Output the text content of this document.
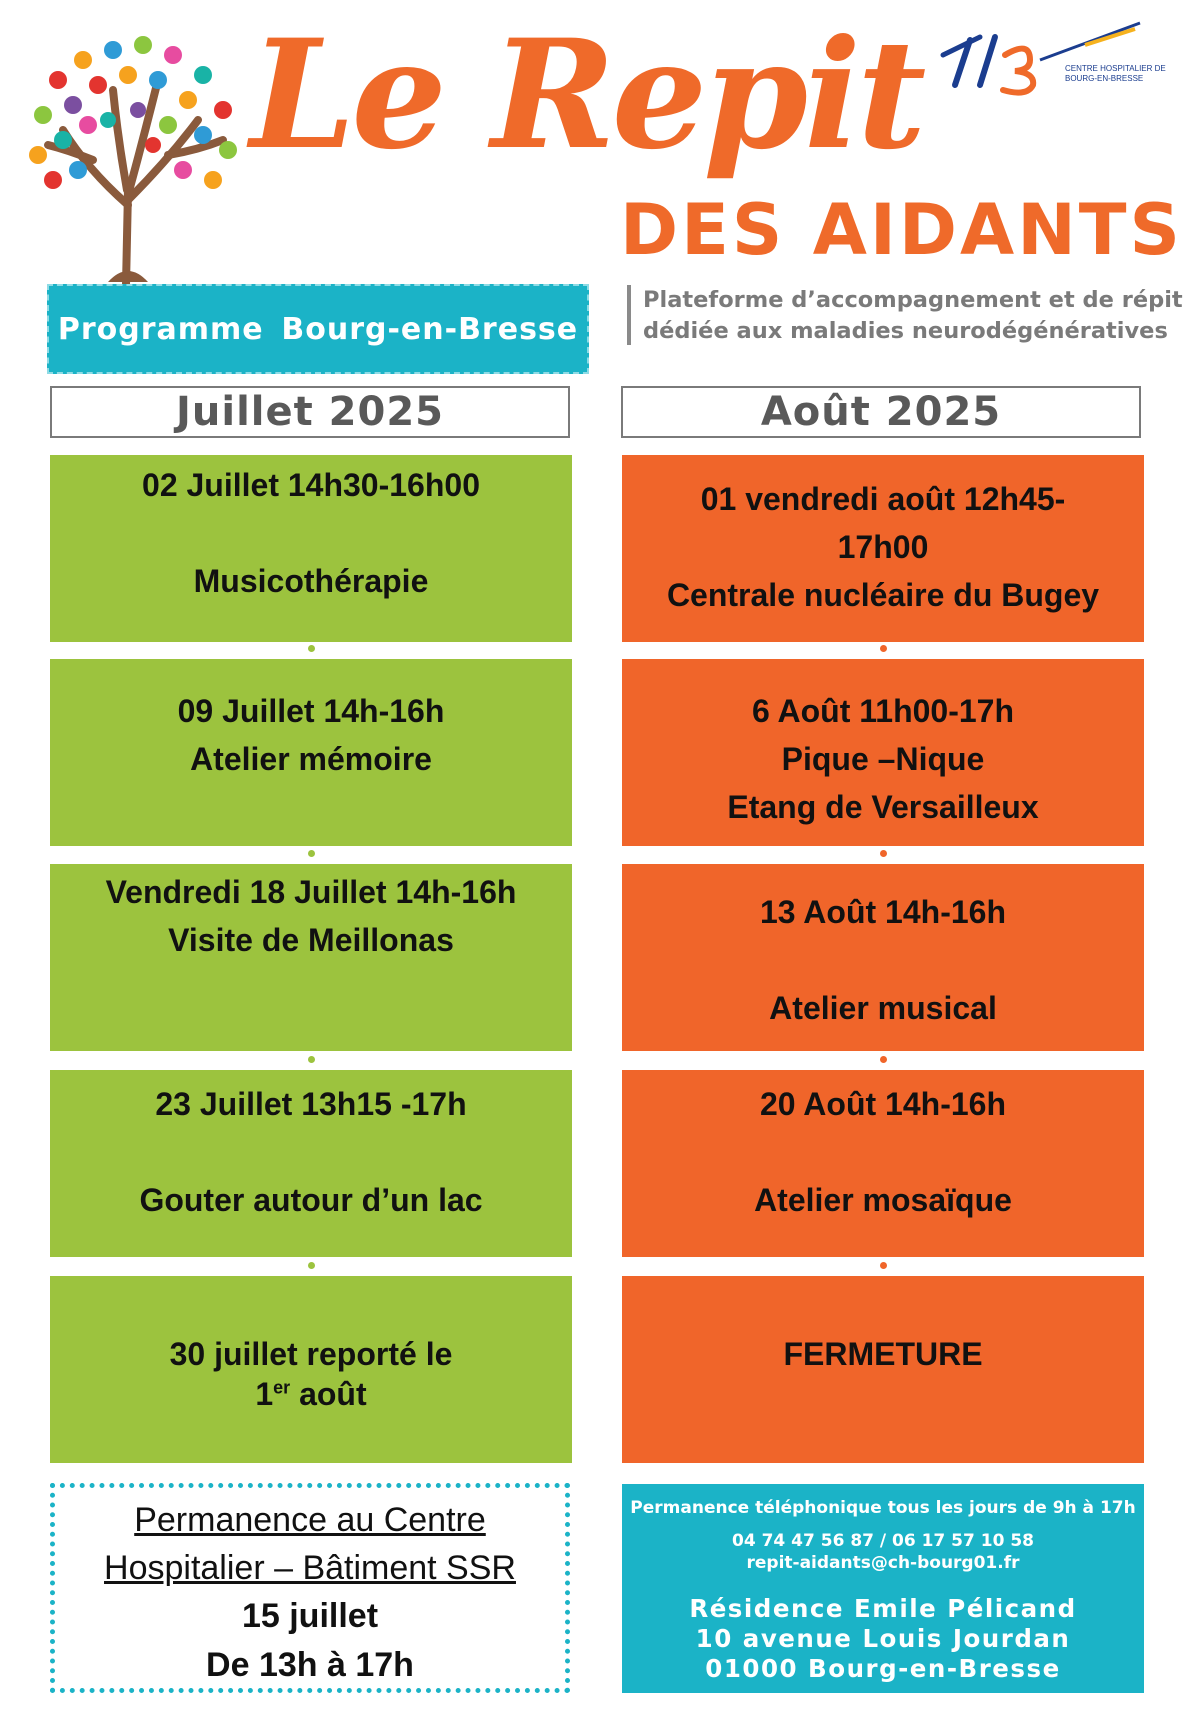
Le Repit
DES AIDANTS
CENTRE HOSPITALIER DE BOURG-EN-BRESSE
Programme Bourg-en-Bresse
Plateforme d’accompagnement et de répit
dédiée aux maladies neurodégénératives
Juillet 2025	Août 2025
02 Juillet 14h30-16h00
Musicothérapie
09 Juillet 14h-16h
Atelier mémoire
Vendredi 18 Juillet 14h-16h
Visite de Meillonas
23 Juillet 13h15 -17h
Gouter autour d’un lac
30 juillet reporté le
1er août
01 vendredi août 12h45-
17h00
Centrale nucléaire du Bugey
6 Août 11h00-17h
Pique –Nique
Etang de Versailleux
13 Août 14h-16h
Atelier musical
20 Août 14h-16h
Atelier mosaïque
FERMETURE
Permanence au Centre
Hospitalier – Bâtiment SSR
15 juillet
De 13h à 17h
Permanence téléphonique tous les jours de 9h à 17h
04 74 47 56 87 / 06 17 57 10 58
repit-aidants@ch-bourg01.fr
Résidence Emile Pélicand
10 avenue Louis Jourdan
01000 Bourg-en-Bresse
